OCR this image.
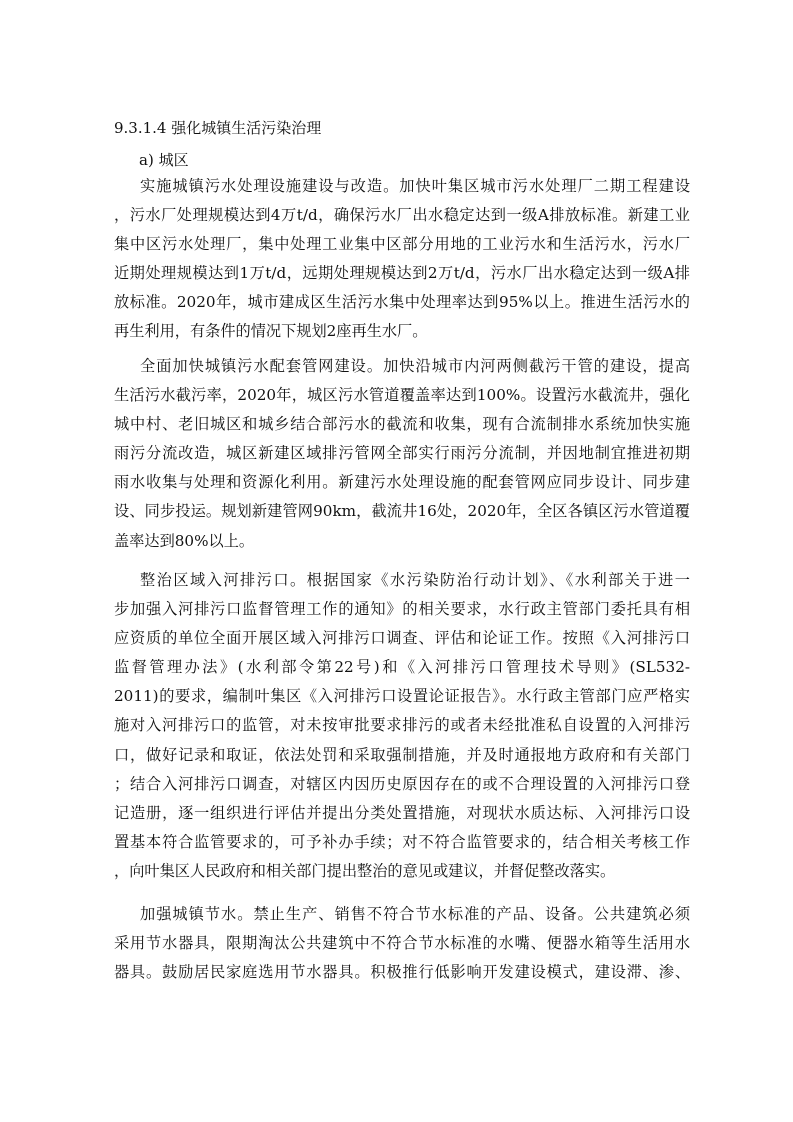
9.3.1.4 强化城镇生活污染治理
a) 城区
实施城镇污水处理设施建设与改造。加快叶集区城市污水处理厂二期工程建设
，污水厂处理规模达到4万t/d，确保污水厂出水稳定达到一级A排放标准。新建工业
集中区污水处理厂，集中处理工业集中区部分用地的工业污水和生活污水，污水厂
近期处理规模达到1万t/d，远期处理规模达到2万t/d，污水厂出水稳定达到一级A排
放标准。2020年，城市建成区生活污水集中处理率达到95%以上。推进生活污水的
再生利用，有条件的情况下规划2座再生水厂。
全面加快城镇污水配套管网建设。加快沿城市内河两侧截污干管的建设，提高
生活污水截污率，2020年，城区污水管道覆盖率达到100%。设置污水截流井，强化
城中村、老旧城区和城乡结合部污水的截流和收集，现有合流制排水系统加快实施
雨污分流改造，城区新建区域排污管网全部实行雨污分流制，并因地制宜推进初期
雨水收集与处理和资源化利用。新建污水处理设施的配套管网应同步设计、同步建
设、同步投运。规划新建管网90km，截流井16处，2020年，全区各镇区污水管道覆
盖率达到80%以上。
整治区域入河排污口。根据国家《水污染防治行动计划》、《水利部关于进一
步加强入河排污口监督管理工作的通知》的相关要求，水行政主管部门委托具有相
应资质的单位全面开展区域入河排污口调查、评估和论证工作。按照《入河排污口
监督管理办法》(水利部令第22号)和《入河排污口管理技术导则》(SL532-
2011)的要求，编制叶集区《入河排污口设置论证报告》。水行政主管部门应严格实
施对入河排污口的监管，对未按审批要求排污的或者未经批准私自设置的入河排污
口，做好记录和取证，依法处罚和采取强制措施，并及时通报地方政府和有关部门
；结合入河排污口调查，对辖区内因历史原因存在的或不合理设置的入河排污口登
记造册，逐一组织进行评估并提出分类处置措施，对现状水质达标、入河排污口设
置基本符合监管要求的，可予补办手续；对不符合监管要求的，结合相关考核工作
，向叶集区人民政府和相关部门提出整治的意见或建议，并督促整改落实。
加强城镇节水。禁止生产、销售不符合节水标准的产品、设备。公共建筑必须
采用节水器具，限期淘汰公共建筑中不符合节水标准的水嘴、便器水箱等生活用水
器具。鼓励居民家庭选用节水器具。积极推行低影响开发建设模式，建设滞、渗、
